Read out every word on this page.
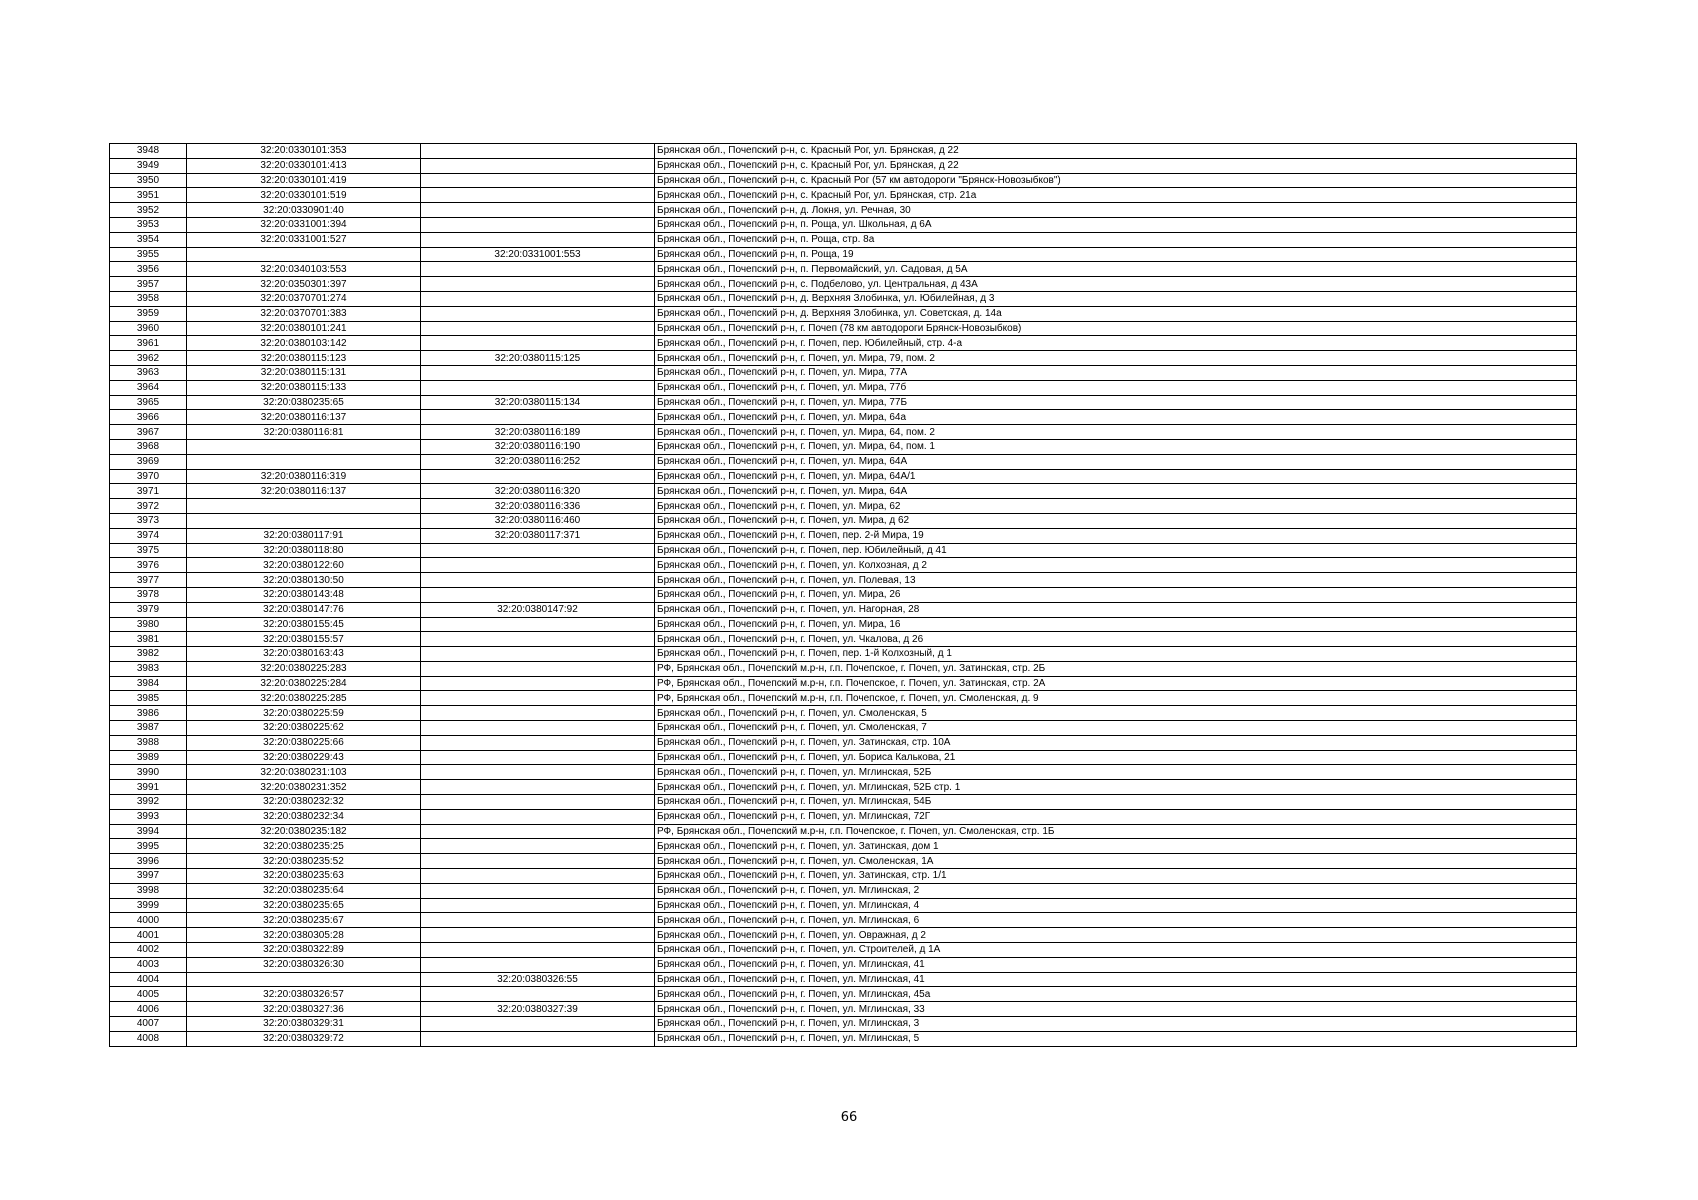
3948	32:20:0330101:353		Брянская обл., Почепский р-н, с. Красный Рог, ул. Брянская, д 22
3949	32:20:0330101:413		Брянская обл., Почепский р-н, с. Красный Рог, ул. Брянская, д 22
3950	32:20:0330101:419		Брянская обл., Почепский р-н, с. Красный Рог (57 км автодороги "Брянск-Новозыбков")
3951	32:20:0330101:519		Брянская обл., Почепский р-н, с. Красный Рог, ул. Брянская, стр. 21а
3952	32:20:0330901:40		Брянская обл., Почепский р-н, д. Локня, ул. Речная, 30
3953	32:20:0331001:394		Брянская обл., Почепский р-н, п. Роща, ул. Школьная, д 6А
3954	32:20:0331001:527		Брянская обл., Почепский р-н, п. Роща, стр. 8а
3955		32:20:0331001:553	Брянская обл., Почепский р-н, п. Роща, 19
3956	32:20:0340103:553		Брянская обл., Почепский р-н, п. Первомайский, ул. Садовая, д 5А
3957	32:20:0350301:397		Брянская обл., Почепский р-н, с. Подбелово, ул. Центральная, д 43А
3958	32:20:0370701:274		Брянская обл., Почепский р-н, д. Верхняя Злобинка, ул. Юбилейная, д 3
3959	32:20:0370701:383		Брянская обл., Почепский р-н, д. Верхняя Злобинка, ул. Советская, д. 14а
3960	32:20:0380101:241		Брянская обл., Почепский р-н, г. Почеп (78 км автодороги Брянск-Новозыбков)
3961	32:20:0380103:142		Брянская обл., Почепский р-н, г. Почеп, пер. Юбилейный, стр. 4-а
3962	32:20:0380115:123	32:20:0380115:125	Брянская обл., Почепский р-н, г. Почеп, ул. Мира, 79, пом. 2
3963	32:20:0380115:131		Брянская обл., Почепский р-н, г. Почеп, ул. Мира, 77А
3964	32:20:0380115:133		Брянская обл., Почепский р-н, г. Почеп, ул. Мира, 77б
3965	32:20:0380235:65	32:20:0380115:134	Брянская обл., Почепский р-н, г. Почеп, ул. Мира, 77Б
3966	32:20:0380116:137		Брянская обл., Почепский р-н, г. Почеп, ул. Мира, 64а
3967	32:20:0380116:81	32:20:0380116:189	Брянская обл., Почепский р-н, г. Почеп, ул. Мира, 64, пом. 2
3968		32:20:0380116:190	Брянская обл., Почепский р-н, г. Почеп, ул. Мира, 64, пом. 1
3969		32:20:0380116:252	Брянская обл., Почепский р-н, г. Почеп, ул. Мира, 64А
3970	32:20:0380116:319		Брянская обл., Почепский р-н, г. Почеп, ул. Мира, 64А/1
3971	32:20:0380116:137	32:20:0380116:320	Брянская обл., Почепский р-н, г. Почеп, ул. Мира, 64А
3972		32:20:0380116:336	Брянская обл., Почепский р-н, г. Почеп, ул. Мира, 62
3973		32:20:0380116:460	Брянская обл., Почепский р-н, г. Почеп, ул. Мира, д 62
3974	32:20:0380117:91	32:20:0380117:371	Брянская обл., Почепский р-н, г. Почеп, пер. 2-й Мира, 19
3975	32:20:0380118:80		Брянская обл., Почепский р-н, г. Почеп, пер. Юбилейный, д 41
3976	32:20:0380122:60		Брянская обл., Почепский р-н, г. Почеп, ул. Колхозная, д 2
3977	32:20:0380130:50		Брянская обл., Почепский р-н, г. Почеп, ул. Полевая, 13
3978	32:20:0380143:48		Брянская обл., Почепский р-н, г. Почеп, ул. Мира, 26
3979	32:20:0380147:76	32:20:0380147:92	Брянская обл., Почепский р-н, г. Почеп, ул. Нагорная, 28
3980	32:20:0380155:45		Брянская обл., Почепский р-н, г. Почеп, ул. Мира, 16
3981	32:20:0380155:57		Брянская обл., Почепский р-н, г. Почеп, ул. Чкалова, д 26
3982	32:20:0380163:43		Брянская обл., Почепский р-н, г. Почеп, пер. 1-й Колхозный, д 1
3983	32:20:0380225:283		РФ, Брянская обл., Почепский м.р-н, г.п. Почепское, г. Почеп, ул. Затинская, стр. 2Б
3984	32:20:0380225:284		РФ, Брянская обл., Почепский м.р-н, г.п. Почепское, г. Почеп, ул. Затинская, стр. 2А
3985	32:20:0380225:285		РФ, Брянская обл., Почепский м.р-н, г.п. Почепское, г. Почеп, ул. Смоленская, д. 9
3986	32:20:0380225:59		Брянская обл., Почепский р-н, г. Почеп, ул. Смоленская, 5
3987	32:20:0380225:62		Брянская обл., Почепский р-н, г. Почеп, ул. Смоленская, 7
3988	32:20:0380225:66		Брянская обл., Почепский р-н, г. Почеп, ул. Затинская, стр. 10А
3989	32:20:0380229:43		Брянская обл., Почепский р-н, г. Почеп, ул. Бориса Калькова, 21
3990	32:20:0380231:103		Брянская обл., Почепский р-н, г. Почеп, ул. Мглинская, 52Б
3991	32:20:0380231:352		Брянская обл., Почепский р-н, г. Почеп, ул. Мглинская, 52Б стр. 1
3992	32:20:0380232:32		Брянская обл., Почепский р-н, г. Почеп, ул. Мглинская, 54Б
3993	32:20:0380232:34		Брянская обл., Почепский р-н, г. Почеп, ул. Мглинская, 72Г
3994	32:20:0380235:182		РФ, Брянская обл., Почепский м.р-н, г.п. Почепское, г. Почеп, ул. Смоленская, стр. 1Б
3995	32:20:0380235:25		Брянская обл., Почепский р-н, г. Почеп, ул. Затинская, дом 1
3996	32:20:0380235:52		Брянская обл., Почепский р-н, г. Почеп, ул. Смоленская, 1А
3997	32:20:0380235:63		Брянская обл., Почепский р-н, г. Почеп, ул. Затинская, стр. 1/1
3998	32:20:0380235:64		Брянская обл., Почепский р-н, г. Почеп, ул. Мглинская, 2
3999	32:20:0380235:65		Брянская обл., Почепский р-н, г. Почеп, ул. Мглинская, 4
4000	32:20:0380235:67		Брянская обл., Почепский р-н, г. Почеп, ул. Мглинская, 6
4001	32:20:0380305:28		Брянская обл., Почепский р-н, г. Почеп, ул. Овражная, д 2
4002	32:20:0380322:89		Брянская обл., Почепский р-н, г. Почеп, ул. Строителей, д 1А
4003	32:20:0380326:30		Брянская обл., Почепский р-н, г. Почеп, ул. Мглинская, 41
4004		32:20:0380326:55	Брянская обл., Почепский р-н, г. Почеп, ул. Мглинская, 41
4005	32:20:0380326:57		Брянская обл., Почепский р-н, г. Почеп, ул. Мглинская, 45а
4006	32:20:0380327:36	32:20:0380327:39	Брянская обл., Почепский р-н, г. Почеп, ул. Мглинская, 33
4007	32:20:0380329:31		Брянская обл., Почепский р-н, г. Почеп, ул. Мглинская, 3
4008	32:20:0380329:72		Брянская обл., Почепский р-н, г. Почеп, ул. Мглинская, 5
66
